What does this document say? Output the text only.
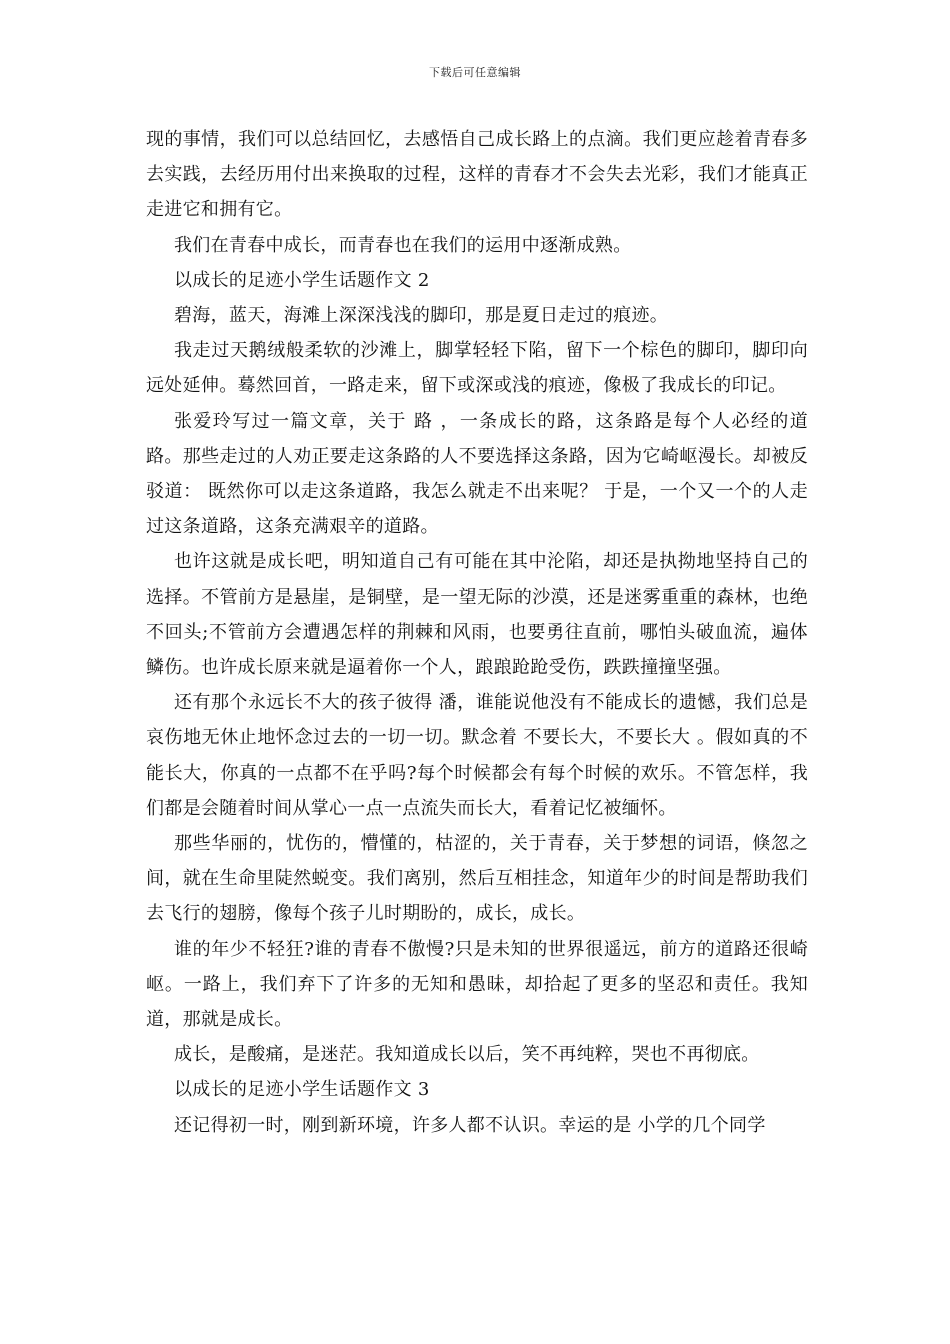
下载后可任意编辑

现的事情，我们可以总结回忆，去感悟自己成长路上的点滴。我们更应趁着青春多去实践，去经历用付出来换取的过程，这样的青春才不会失去光彩，我们才能真正走进它和拥有它。

我们在青春中成长，而青春也在我们的运用中逐渐成熟。

以成长的足迹小学生话题作文 2

碧海，蓝天，海滩上深深浅浅的脚印，那是夏日走过的痕迹。

我走过天鹅绒般柔软的沙滩上，脚掌轻轻下陷，留下一个棕色的脚印，脚印向远处延伸。蓦然回首，一路走来，留下或深或浅的痕迹，像极了我成长的印记。

张爱玲写过一篇文章，关于 路 ，一条成长的路，这条路是每个人必经的道路。那些走过的人劝正要走这条路的人不要选择这条路，因为它崎岖漫长。却被反驳道： 既然你可以走这条道路，我怎么就走不出来呢？ 于是，一个又一个的人走过这条道路，这条充满艰辛的道路。

也许这就是成长吧，明知道自己有可能在其中沦陷，却还是执拗地坚持自己的选择。不管前方是悬崖，是铜壁，是一望无际的沙漠，还是迷雾重重的森林，也绝不回头;不管前方会遭遇怎样的荆棘和风雨，也要勇往直前，哪怕头破血流，遍体鳞伤。也许成长原来就是逼着你一个人，踉踉跄跄受伤，跌跌撞撞坚强。

还有那个永远长不大的孩子彼得 潘，谁能说他没有不能成长的遗憾，我们总是哀伤地无休止地怀念过去的一切一切。默念着 不要长大，不要长大 。假如真的不能长大，你真的一点都不在乎吗?每个时候都会有每个时候的欢乐。不管怎样，我们都是会随着时间从掌心一点一点流失而长大，看着记忆被缅怀。

那些华丽的，忧伤的，懵懂的，枯涩的，关于青春，关于梦想的词语，倏忽之间，就在生命里陡然蜕变。我们离别，然后互相挂念，知道年少的时间是帮助我们去飞行的翅膀，像每个孩子儿时期盼的，成长，成长。

谁的年少不轻狂?谁的青春不傲慢?只是未知的世界很遥远，前方的道路还很崎岖。一路上，我们弃下了许多的无知和愚昧，却拾起了更多的坚忍和责任。我知道，那就是成长。

成长，是酸痛，是迷茫。我知道成长以后，笑不再纯粹，哭也不再彻底。

以成长的足迹小学生话题作文 3

还记得初一时，刚到新环境，许多人都不认识。幸运的是 小学的几个同学
